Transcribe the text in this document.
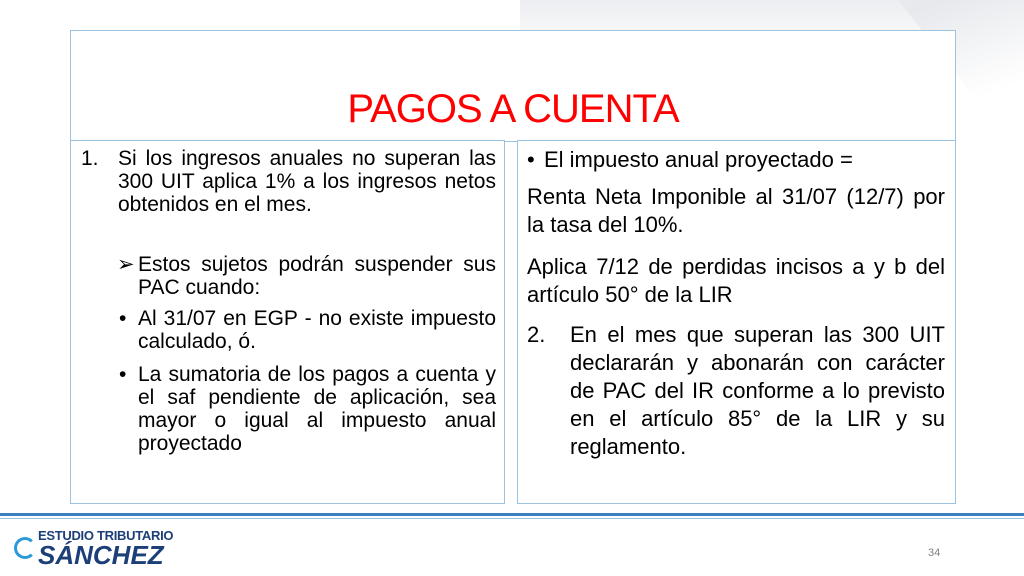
PAGOS A CUENTA
1. Si los ingresos anuales no superan las 300 UIT aplica 1% a los ingresos netos obtenidos en el mes.
➢ Estos sujetos podrán suspender sus PAC cuando:
• Al 31/07 en EGP - no existe impuesto calculado, ó.
• La sumatoria de los pagos a cuenta y el saf pendiente de aplicación, sea mayor o igual al impuesto anual proyectado
• El impuesto anual proyectado =
Renta Neta Imponible al 31/07 (12/7) por la tasa del 10%.
Aplica 7/12 de perdidas incisos a y b del artículo 50° de la LIR
2. En el mes que superan las 300 UIT declararán y abonarán con carácter de PAC del IR conforme a lo previsto en el artículo 85° de la LIR y su reglamento.
ESTUDIO TRIBUTARIO
SÁNCHEZ	34
